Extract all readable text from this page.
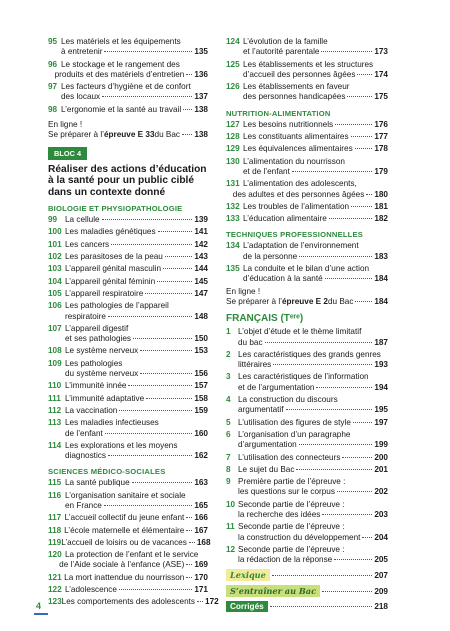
95 Les matériels et les équipements
à entretenir	135
96 Le stockage et le rangement des
produits et des matériels d’entretien 136
97 Les facteurs d’hygiène et de confort
des locaux	137
98 L’ergonomie et la santé au travail 138
En ligne !
Se préparer à l’ épreuve E 33 du Bac 138
BLOC 4
Réaliser des actions d’éducation à la santé pour un public ciblé dans un contexte donné
BIOLOGIE ET PHYSIOPATHOLOGIE
99 La cellule	139
100 Les maladies génétiques	141
101 Les cancers	142
102 Les parasitoses de la peau	143
103 L’appareil génital masculin	144
104 L’appareil génital féminin	145
105 L’appareil respiratoire	147
106 Les pathologies de l’appareil
respiratoire	148
107 L’appareil digestif
et ses pathologies	150
108 Le système nerveux	153
109 Les pathologies
du système nerveux	156
110 L’immunité innée	157
111 L’immunité adaptative	158
112 La vaccination	159
113 Les maladies infectieuses
de l’enfant	160
114 Les explorations et les moyens
diagnostics	162
SCIENCES MÉDICO-SOCIALES
115 La santé publique	163
116 L’organisation sanitaire et sociale
en France	165
117 L’accueil collectif du jeune enfant 166
118 L’école maternelle et élémentaire 167
119 L’accueil de loisirs ou de vacances 168
120 La protection de l’enfant et le service
de l’Aide sociale à l’enfance (ASE) 169
121 La mort inattendue du nourrisson 170
122 L’adolescence	171
123 Les comportements des adolescents 172
124 L’évolution de la famille
et l’autorité parentale	173
125 Les établissements et les structures
d’accueil des personnes âgées 174
126 Les établissements en faveur
des personnes handicapées	175
NUTRITION-ALIMENTATION
127 Les besoins nutritionnels	176
128 Les constituants alimentaires	177
129 Les équivalences alimentaires	178
130 L’alimentation du nourrisson
et de l’enfant	179
131 L’alimentation des adolescents,
des adultes et des personnes âgées 180
132 Les troubles de l’alimentation	181
133 L’éducation alimentaire	182
TECHNIQUES PROFESSIONNELLES
134 L’adaptation de l’environnement
de la personne	183
135 La conduite et le bilan d’une action
d’éducation à la santé	184
En ligne !
Se préparer à l’ épreuve E 2 du Bac	184
FRANÇAIS (Tᵉʳᵉ)
1 L’objet d’étude et le thème limitatif
du bac	187
2 Les caractéristiques des grands genres
littéraires	193
3 Les caractéristiques de l’information
et de l’argumentation	194
4 La construction du discours
argumentatif	195
5 L’utilisation des figures de style	197
6 L’organisation d’un paragraphe
d’argumentation	199
7 L’utilisation des connecteurs	200
8 Le sujet du Bac	201
9 Première partie de l’épreuve :
les questions sur le corpus	202
10 Seconde partie de l’épreuve :
la recherche des idées	203
11 Seconde partie de l’épreuve :
la construction du développement 204
12 Seconde partie de l’épreuve :
la rédaction de la réponse	205
Lexique	207
S’entraîner au Bac	209
Corrigés	218
4
